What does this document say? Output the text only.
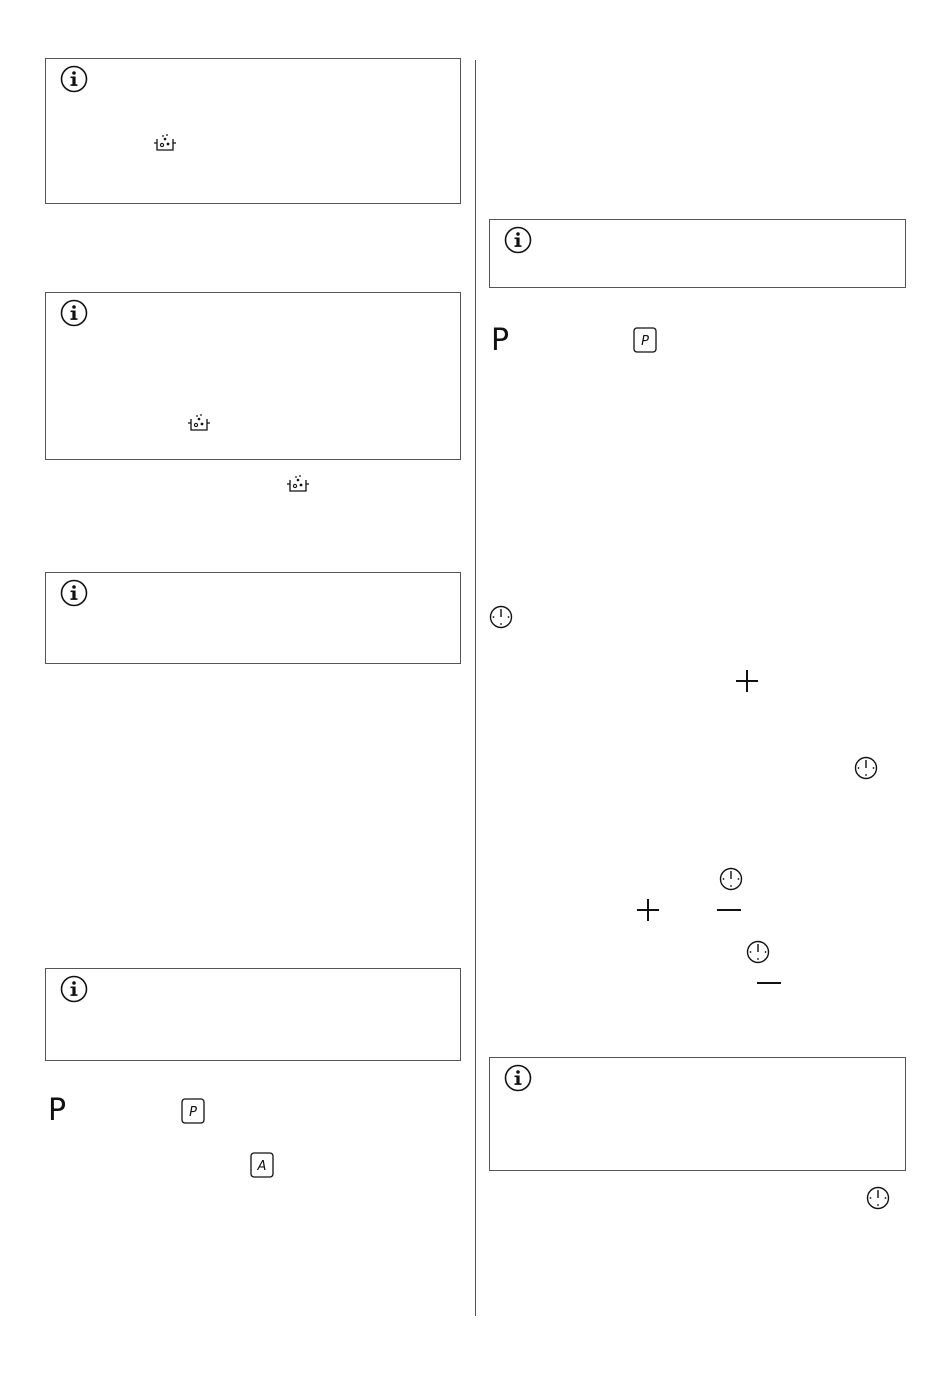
P	P
A
P	P
